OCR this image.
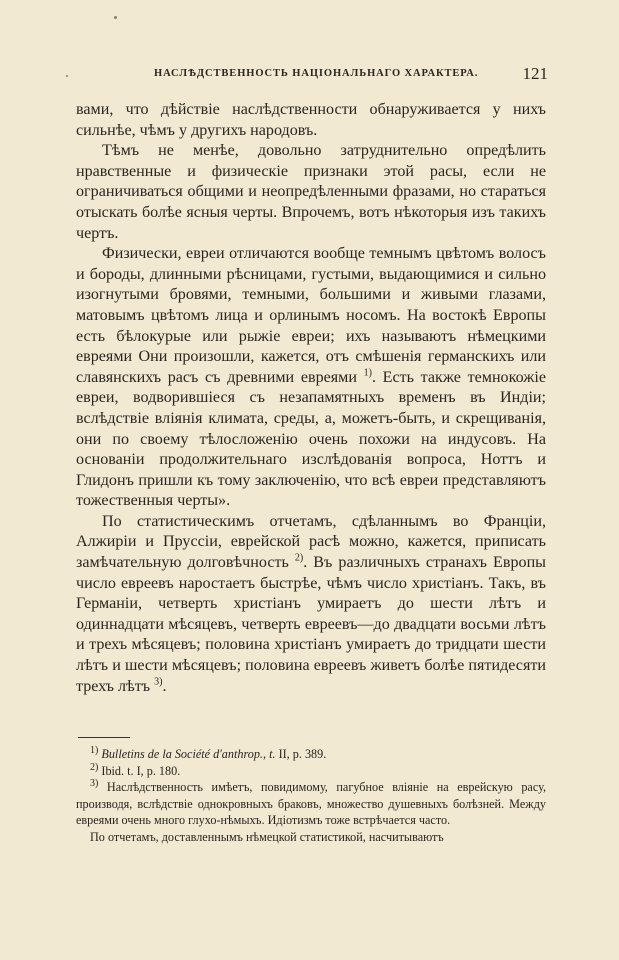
НАСЛѢДСТВЕННОСТЬ НАЦІОНАЛЬНАГО ХАРАКТЕРА.	121

вами, что дѣйствіе наслѣдственности обнаруживается у нихъ сильнѣе, чѣмъ у другихъ народовъ.

Тѣмъ не менѣе, довольно затруднительно опредѣлить нравственные и физическіе признаки этой расы, если не ограничиваться общими и неопредѣленными фразами, но стараться отыскать болѣе ясныя черты. Впрочемъ, вотъ нѣкоторыя изъ такихъ чертъ.

Физически, евреи отличаются вообще темнымъ цвѣтомъ волосъ и бороды, длинными рѣсницами, густыми, выдающимися и сильно изогнутыми бровями, темными, большими и живыми глазами, матовымъ цвѣтомъ лица и орлинымъ носомъ. На востокѣ Европы есть бѣлокурые или рыжіе евреи; ихъ называютъ нѣмецкими евреями Они произошли, кажется, отъ смѣшенія германскихъ или славянскихъ расъ съ древними евреями $^{1)}$. Есть также темнокожіе евреи, водворившіеся съ незапамятныхъ временъ въ Индіи; вслѣдствіе вліянія климата, среды, а, можетъ-быть, и скрещиванія, они по своему тѣлосложенію очень похожи на индусовъ. На основаніи продолжительнаго изслѣдованія вопроса, Ноттъ и Глидонъ пришли къ тому заключенію, что всѣ евреи представляютъ тожественныя черты».

По статистическимъ отчетамъ, сдѣланнымъ во Франціи, Алжиріи и Пруссіи, еврейской расѣ можно, кажется, приписать замѣчательную долговѣчность $^{2)}$. Въ различныхъ странахъ Европы число евреевъ наростаетъ быстрѣе, чѣмъ число христіанъ. Такъ, въ Германіи, четверть христіанъ умираетъ до шести лѣтъ и одиннадцати мѣсяцевъ, четверть евреевъ—до двадцати восьми лѣтъ и трехъ мѣсяцевъ; половина христіанъ умираетъ до тридцати шести лѣтъ и шести мѣсяцевъ; половина евреевъ живетъ болѣе пятидесяти трехъ лѣтъ $^{3)}$.

$^{1)}$ Bulletins de la Société d'anthrop., t. II, p. 389.

$^{2)}$ Ibid. t. I, p. 180.

$^{3)}$ Наслѣдственность имѣетъ, повидимому, пагубное вліяніе на еврейскую расу, производя, вслѣдствіе однокровныхъ браковъ, множество душевныхъ болѣзней. Между евреями очень много глухо-нѣмыхъ. Идіотизмъ тоже встрѣчается часто.

По отчетамъ, доставленнымъ нѣмецкой статистикой, насчитываютъ
